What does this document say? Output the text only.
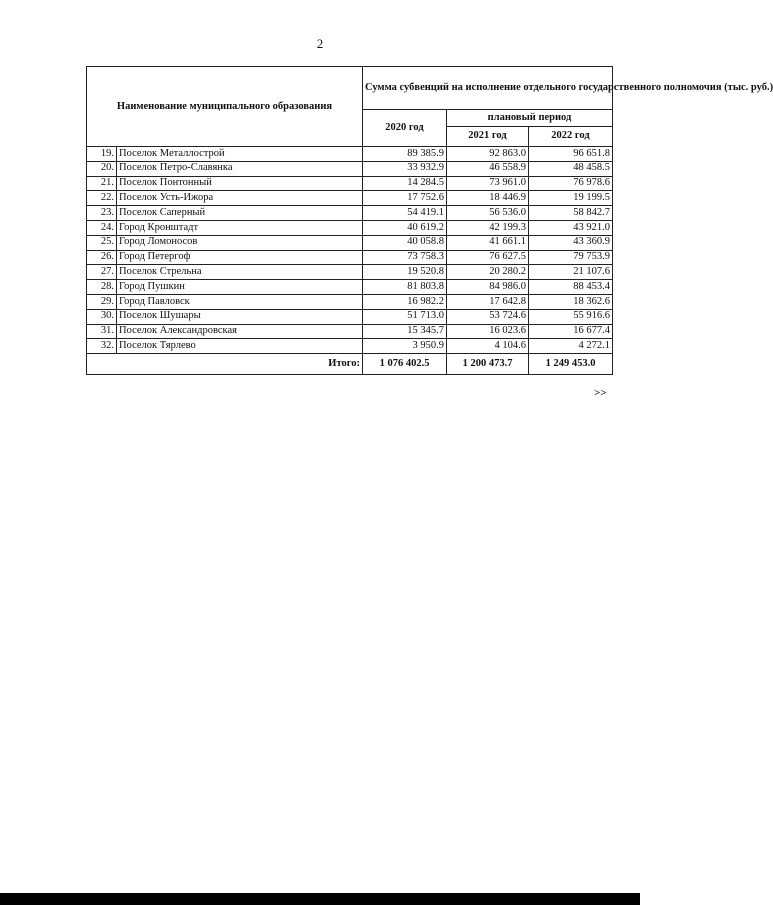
2
Наименование муниципального образования		Сумма субвенций на исполнение отдельного государственного полномочия (тыс. руб.)		
		2020 год	плановый период	
			2021 год	2022 год
19.	Поселок Металлострой	89 385.9	92 863.0	96 651.8
20.	Поселок Петро-Славянка	33 932.9	46 558.9	48 458.5
21.	Поселок Понтонный	14 284.5	73 961.0	76 978.6
22.	Поселок Усть-Ижора	17 752.6	18 446.9	19 199.5
23.	Поселок Саперный	54 419.1	56 536.0	58 842.7
24.	Город Кронштадт	40 619.2	42 199.3	43 921.0
25.	Город Ломоносов	40 058.8	41 661.1	43 360.9
26.	Город Петергоф	73 758.3	76 627.5	79 753.9
27.	Поселок Стрельна	19 520.8	20 280.2	21 107.6
28.	Город Пушкин	81 803.8	84 986.0	88 453.4
29.	Город Павловск	16 982.2	17 642.8	18 362.6
30.	Поселок Шушары	51 713.0	53 724.6	55 916.6
31.	Поселок Александровская	15 345.7	16 023.6	16 677.4
32.	Поселок Тярлево	3 950.9	4 104.6	4 272.1
Итого:		1 076 402.5	1 200 473.7	1 249 453.0
>>
